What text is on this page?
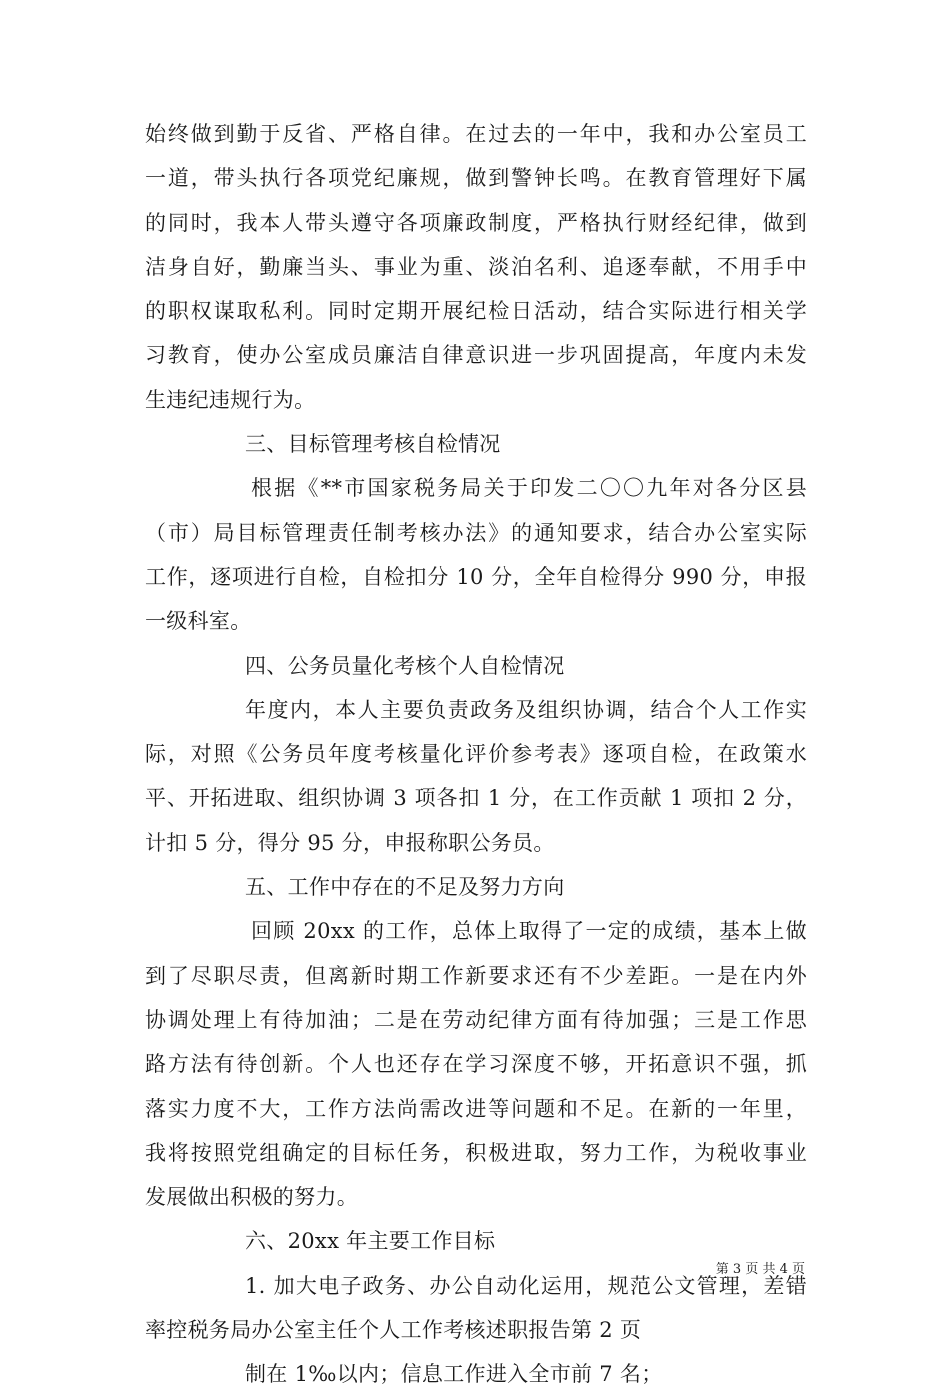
始终做到勤于反省、严格自律。在过去的一年中，我和办公室员工
一道，带头执行各项党纪廉规，做到警钟长鸣。在教育管理好下属
的同时，我本人带头遵守各项廉政制度，严格执行财经纪律，做到
洁身自好，勤廉当头、事业为重、淡泊名利、追逐奉献，不用手中
的职权谋取私利。同时定期开展纪检日活动，结合实际进行相关学
习教育，使办公室成员廉洁自律意识进一步巩固提高，年度内未发
生违纪违规行为。
三、目标管理考核自检情况
根据《**市国家税务局关于印发二〇〇九年对各分区县
（市）局目标管理责任制考核办法》的通知要求，结合办公室实际
工作，逐项进行自检，自检扣分 10 分，全年自检得分 990 分，申报
一级科室。
四、公务员量化考核个人自检情况
年度内，本人主要负责政务及组织协调，结合个人工作实
际，对照《公务员年度考核量化评价参考表》逐项自检，在政策水
平、开拓进取、组织协调 3 项各扣 1 分，在工作贡献 1 项扣 2 分，
计扣 5 分，得分 95 分，申报称职公务员。
五、工作中存在的不足及努力方向
回顾 20xx 的工作，总体上取得了一定的成绩，基本上做
到了尽职尽责，但离新时期工作新要求还有不少差距。一是在内外
协调处理上有待加油；二是在劳动纪律方面有待加强；三是工作思
路方法有待创新。个人也还存在学习深度不够，开拓意识不强，抓
落实力度不大，工作方法尚需改进等问题和不足。在新的一年里，
我将按照党组确定的目标任务，积极进取，努力工作，为税收事业
发展做出积极的努力。
六、20xx 年主要工作目标
1. 加大电子政务、办公自动化运用，规范公文管理，差错
率控税务局办公室主任个人工作考核述职报告第 2 页
制在 1‰以内；信息工作进入全市前 7 名；
第 3 页 共 4 页
